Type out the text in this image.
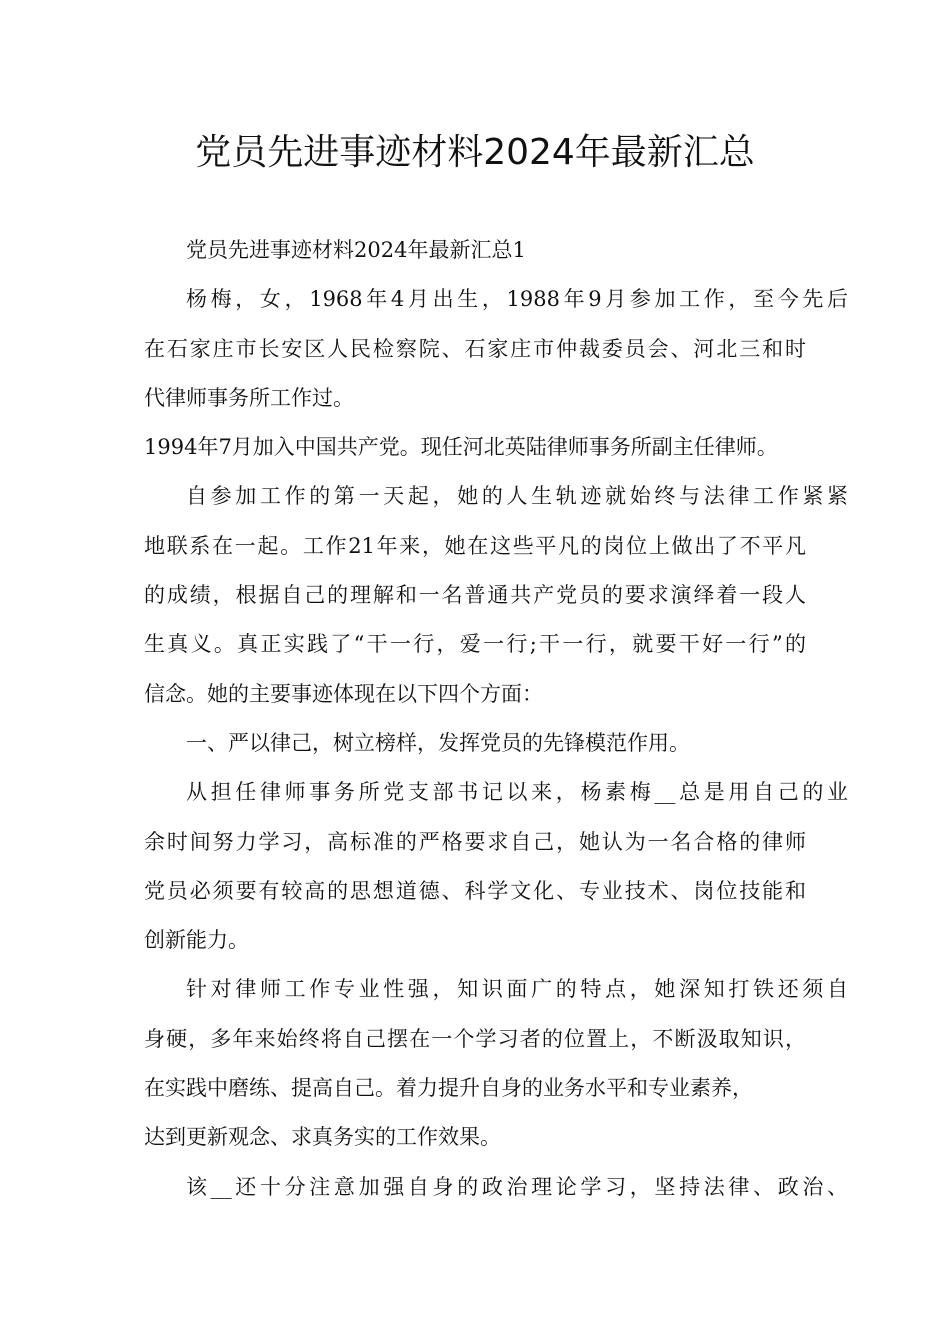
党员先进事迹材料2024年最新汇总
党员先进事迹材料2024年最新汇总1
杨梅，女，1968年4月出生，1988年9月参加工作，至今先后
在石家庄市长安区人民检察院、石家庄市仲裁委员会、河北三和时
代律师事务所工作过。
1994年7月加入中国共产党。现任河北英陆律师事务所副主任律师。
自参加工作的第一天起，她的人生轨迹就始终与法律工作紧紧
地联系在一起。工作21年来，她在这些平凡的岗位上做出了不平凡
的成绩，根据自己的理解和一名普通共产党员的要求演绎着一段人
生真义。真正实践了“干一行，爱一行;干一行，就要干好一行”的
信念。她的主要事迹体现在以下四个方面：
一、严以律己，树立榜样，发挥党员的先锋模范作用。
从担任律师事务所党支部书记以来，杨素梅__总是用自己的业
余时间努力学习，高标准的严格要求自己，她认为一名合格的律师
党员必须要有较高的思想道德、科学文化、专业技术、岗位技能和
创新能力。
针对律师工作专业性强，知识面广的特点，她深知打铁还须自
身硬，多年来始终将自己摆在一个学习者的位置上，不断汲取知识，
在实践中磨练、提高自己。着力提升自身的业务水平和专业素养，
达到更新观念、求真务实的工作效果。
该__还十分注意加强自身的政治理论学习，坚持法律、政治、
